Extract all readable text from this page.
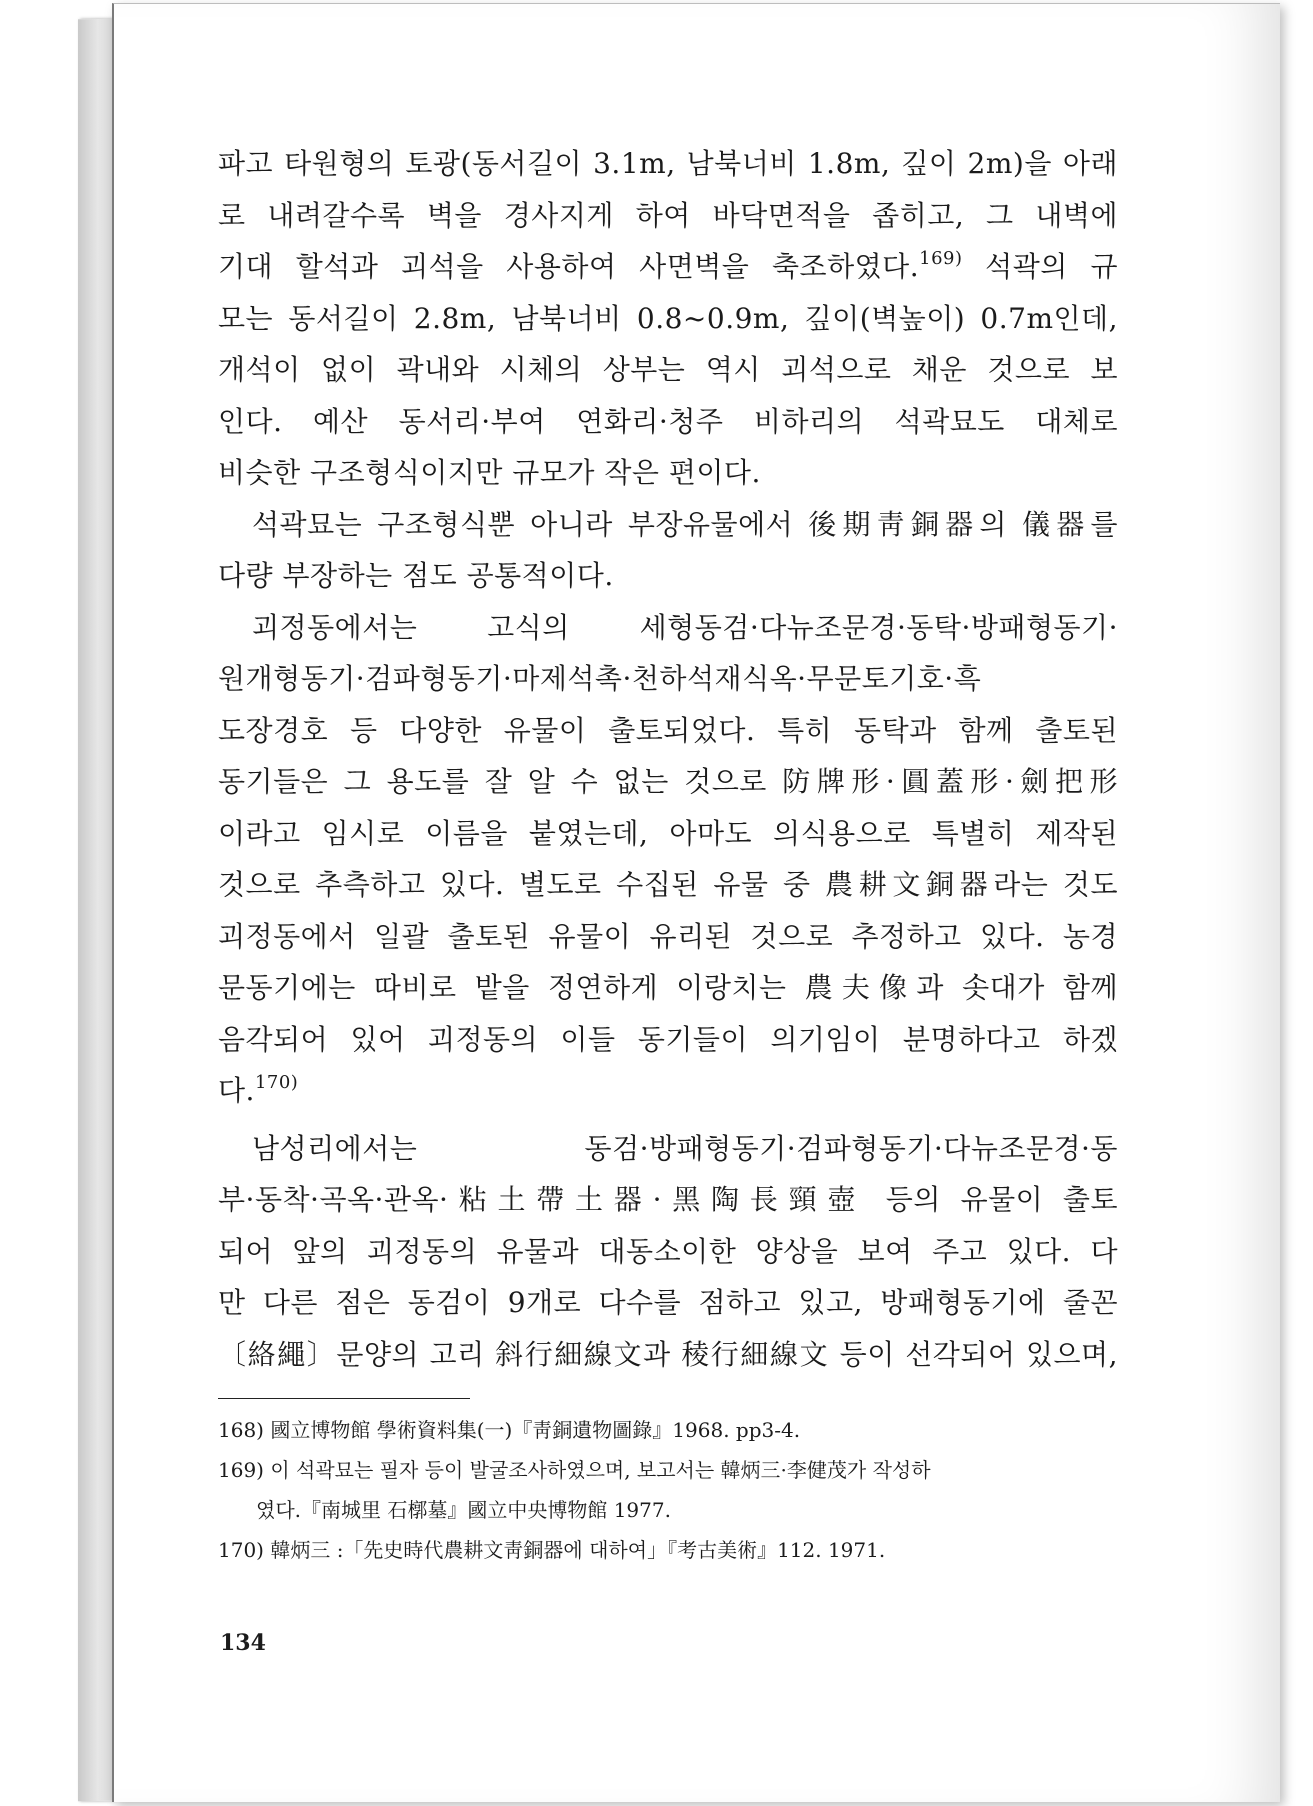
파고 타원형의 토광(동서길이 3.1m, 남북너비 1.8m, 깊이 2m)을 아래
로 내려갈수록 벽을 경사지게 하여 바닥면적을 좁히고, 그 내벽에
기대 할석과 괴석을 사용하여 사면벽을 축조하였다.$^{169)}$ 석곽의 규
모는 동서길이 2.8m, 남북너비 0.8~0.9m, 깊이(벽높이) 0.7m인데,
개석이 없이 곽내와 시체의 상부는 역시 괴석으로 채운 것으로 보
인다. 예산 동서리·부여 연화리·청주 비하리의 석곽묘도 대체로
비슷한 구조형식이지만 규모가 작은 편이다.
석곽묘는 구조형식뿐 아니라 부장유물에서 後期靑銅器의 儀器를
다량 부장하는 점도 공통적이다.
괴정동에서는 고식의 세형동검·다뉴조문경·동탁·방패형동기·
원개형동기·검파형동기·마제석촉·천하석재식옥·무문토기호·흑
도장경호 등 다양한 유물이 출토되었다. 특히 동탁과 함께 출토된
동기들은 그 용도를 잘 알 수 없는 것으로 防牌形·圓蓋形·劍把形
이라고 임시로 이름을 붙였는데, 아마도 의식용으로 특별히 제작된
것으로 추측하고 있다. 별도로 수집된 유물 중 農耕文銅器라는 것도
괴정동에서 일괄 출토된 유물이 유리된 것으로 추정하고 있다. 농경
문동기에는 따비로 밭을 정연하게 이랑치는 農夫像과 솟대가 함께
음각되어 있어 괴정동의 이들 동기들이 의기임이 분명하다고 하겠
다.$^{170)}$
남성리에서는 동검·방패형동기·검파형동기·다뉴조문경·동
부·동착·곡옥·관옥·粘土帶土器·黑陶長頸壺 등의 유물이 출토
되어 앞의 괴정동의 유물과 대동소이한 양상을 보여 주고 있다. 다
만 다른 점은 동검이 9개로 다수를 점하고 있고, 방패형동기에 줄꼰
〔絡繩〕문양의 고리 斜行細線文과 稜行細線文 등이 선각되어 있으며,
168) 國立博物館 學術資料集(一)『靑銅遺物圖錄』1968. pp3-4.
169) 이 석곽묘는 필자 등이 발굴조사하였으며, 보고서는 韓炳三·李健茂가 작성하
였다.『南城里 石槨墓』國立中央博物館 1977.
170) 韓炳三 :「先史時代農耕文靑銅器에 대하여」『考古美術』112. 1971.
134
